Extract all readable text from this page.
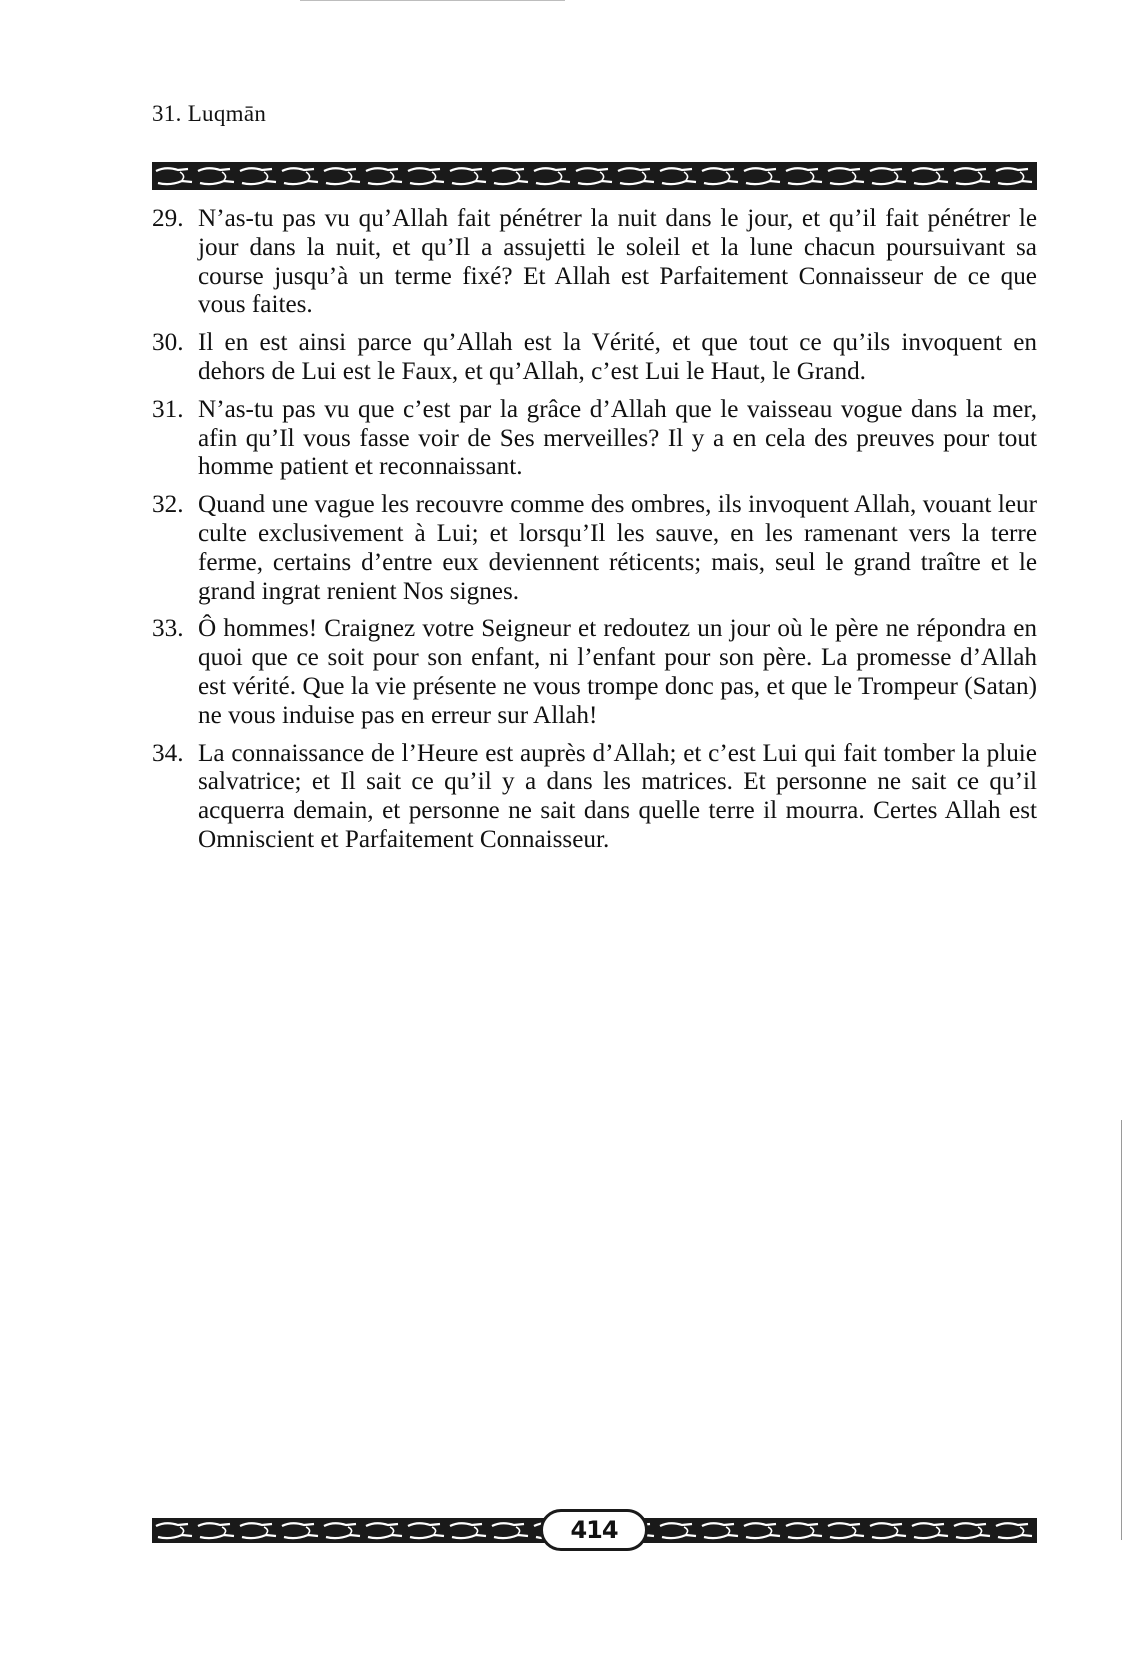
31. Luqmān
29. N’as-tu pas vu qu’Allah fait pénétrer la nuit dans le jour, et qu’il fait pénétrer le jour dans la nuit, et qu’Il a assujetti le soleil et la lune chacun poursuivant sa course jusqu’à un terme fixé? Et Allah est Parfaitement Connaisseur de ce que vous faites.
30. Il en est ainsi parce qu’Allah est la Vérité, et que tout ce qu’ils invoquent en dehors de Lui est le Faux, et qu’Allah, c’est Lui le Haut, le Grand.
31. N’as-tu pas vu que c’est par la grâce d’Allah que le vaisseau vogue dans la mer, afin qu’Il vous fasse voir de Ses merveilles? Il y a en cela des preuves pour tout homme patient et reconnaissant.
32. Quand une vague les recouvre comme des ombres, ils invoquent Allah, vouant leur culte exclusivement à Lui; et lorsqu’Il les sauve, en les ramenant vers la terre ferme, certains d’entre eux deviennent réticents; mais, seul le grand traître et le grand ingrat renient Nos signes.
33. Ô hommes! Craignez votre Seigneur et redoutez un jour où le père ne répondra en quoi que ce soit pour son enfant, ni l’enfant pour son père. La promesse d’Allah est vérité. Que la vie présente ne vous trompe donc pas, et que le Trompeur (Satan) ne vous induise pas en erreur sur Allah!
34. La connaissance de l’Heure est auprès d’Allah; et c’est Lui qui fait tomber la pluie salvatrice; et Il sait ce qu’il y a dans les matrices. Et personne ne sait ce qu’il acquerra demain, et personne ne sait dans quelle terre il mourra. Certes Allah est Omniscient et Parfaitement Connaisseur.
414
